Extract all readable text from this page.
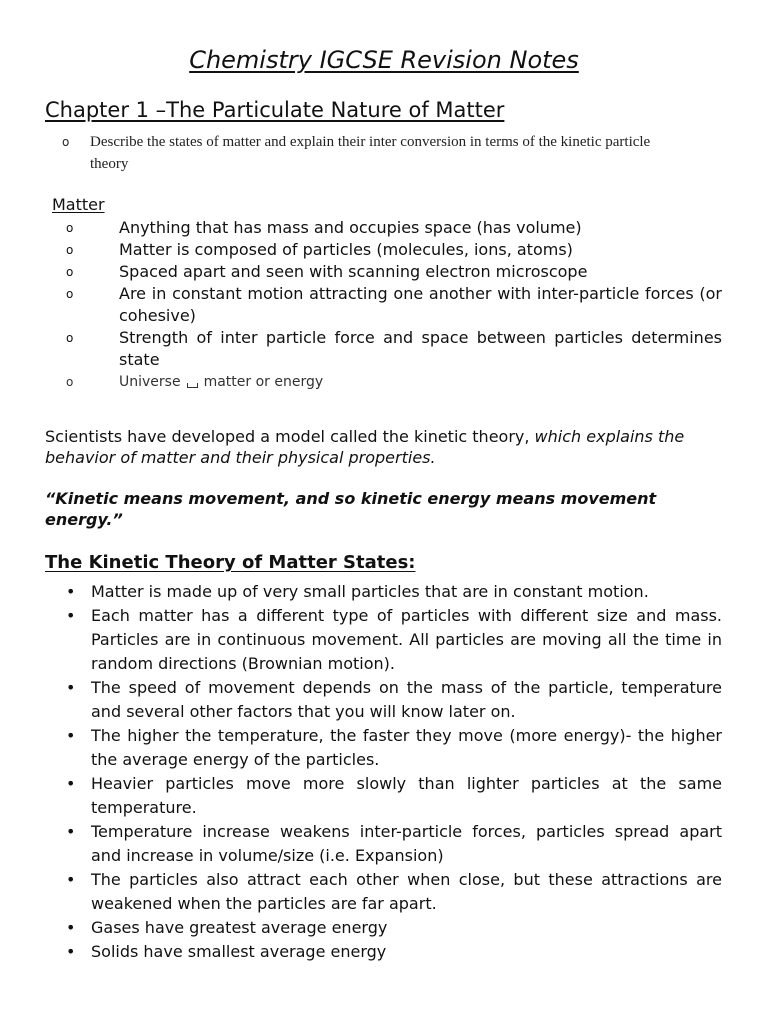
Chemistry IGCSE Revision Notes
Chapter 1 –The Particulate Nature of Matter
o Describe the states of matter and explain their inter conversion in terms of the kinetic particle theory
Matter
o	Anything that has mass and occupies space (has volume)
o	Matter is composed of particles (molecules, ions, atoms)
o	Spaced apart and seen with scanning electron microscope
o	Are in constant motion attracting one another with inter-particle forces (or cohesive)
o	Strength of inter particle force and space between particles determines state
o	Universe matter or energy

Scientists have developed a model called the kinetic theory, which explains the behavior of matter and their physical properties.

“Kinetic means movement, and so kinetic energy means movement energy.”

The Kinetic Theory of Matter States:
• Matter is made up of very small particles that are in constant motion.
• Each matter has a different type of particles with different size and mass. Particles are in continuous movement. All particles are moving all the time in random directions (Brownian motion).
• The speed of movement depends on the mass of the particle, temperature and several other factors that you will know later on.
• The higher the temperature, the faster they move (more energy)- the higher the average energy of the particles.
• Heavier particles move more slowly than lighter particles at the same temperature.
• Temperature increase weakens inter-particle forces, particles spread apart and increase in volume/size (i.e. Expansion)
• The particles also attract each other when close, but these attractions are weakened when the particles are far apart.
• Gases have greatest average energy
• Solids have smallest average energy
